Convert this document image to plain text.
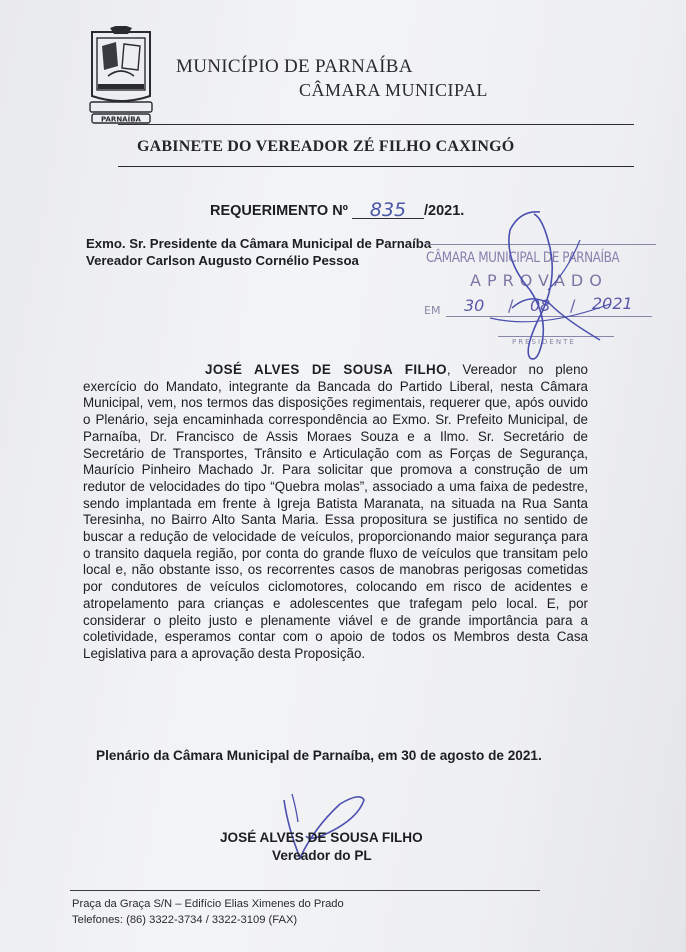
PARNAÍBA
MUNICÍPIO DE PARNAÍBA
CÂMARA MUNICIPAL
GABINETE DO VEREADOR ZÉ FILHO CAXINGÓ
REQUERIMENTO Nº 835 /2021.
Exmo. Sr. Presidente da Câmara Municipal de Parnaíba
Vereador Carlson Augusto Cornélio Pessoa	CÂMARA MUNICIPAL DE PARNAÍBA
APROVADO
EM 30 / 08 / 2021
PRESIDENTE

JOSÉ ALVES DE SOUSA FILHO, Vereador no pleno exercício do Mandato, integrante da Bancada do Partido Liberal, nesta Câmara Municipal, vem, nos termos das disposições regimentais, requerer que, após ouvido o Plenário, seja encaminhada correspondência ao Exmo. Sr. Prefeito Municipal, de Parnaíba, Dr. Francisco de Assis Moraes Souza e a Ilmo. Sr. Secretário de Secretário de Transportes, Trânsito e Articulação com as Forças de Segurança, Maurício Pinheiro Machado Jr. Para solicitar que promova a construção de um redutor de velocidades do tipo “Quebra molas”, associado a uma faixa de pedestre, sendo implantada em frente à Igreja Batista Maranata, na situada na Rua Santa Teresinha, no Bairro Alto Santa Maria. Essa propositura se justifica no sentido de buscar a redução de velocidade de veículos, proporcionando maior segurança para o transito daquela região, por conta do grande fluxo de veículos que transitam pelo local e, não obstante isso, os recorrentes casos de manobras perigosas cometidas por condutores de veículos ciclomotores, colocando em risco de acidentes e atropelamento para crianças e adolescentes que trafegam pelo local. E, por considerar o pleito justo e plenamente viável e de grande importância para a coletividade, esperamos contar com o apoio de todos os Membros desta Casa Legislativa para a aprovação desta Proposição.

Plenário da Câmara Municipal de Parnaíba, em 30 de agosto de 2021.
JOSÉ ALVES DE SOUSA FILHO
Vereador do PL
Praça da Graça S/N – Edifício Elias Ximenes do Prado
Telefones: (86) 3322-3734 / 3322-3109 (FAX)
